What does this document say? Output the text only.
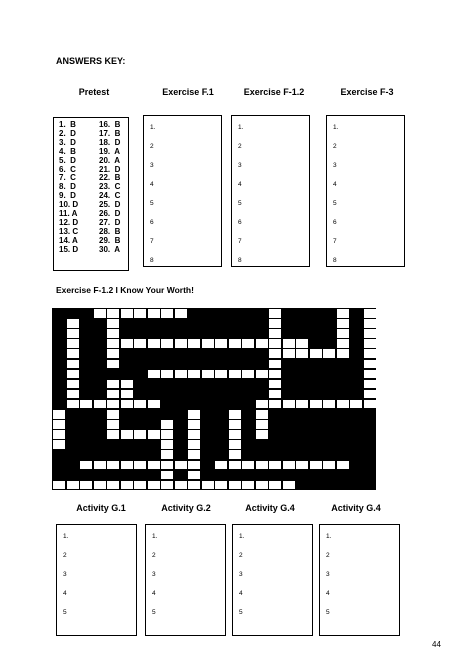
ANSWERS KEY:
Pretest	Exercise F.1	Exercise F-1.2	Exercise F-3
1.  B	16.  B
2.  D	17.  B
3.  D	18.  D
4.  B	19.  A
5.  D	20.  A
6.  C	21.  D
7.  C	22.  B
8.  D	23.  C
9.  D	24.  C
10. D	25.  D
11. A	26.  D
12. D	27.  D
13. C	28.  B
14. A	29.  B
15. D	30.  A
1.
2
3
4
5
6
7
8
1.
2
3
4
5
6
7
8
1.
2
3
4
5
6
7
8
Exercise F-1.2 I Know Your Worth!
Activity G.1	Activity G.2	Activity G.4	Activity G.4
1.
2
3
4
5
1.
2
3
4
5
1.
2
3
4
5
1.
2
3
4
5
44
